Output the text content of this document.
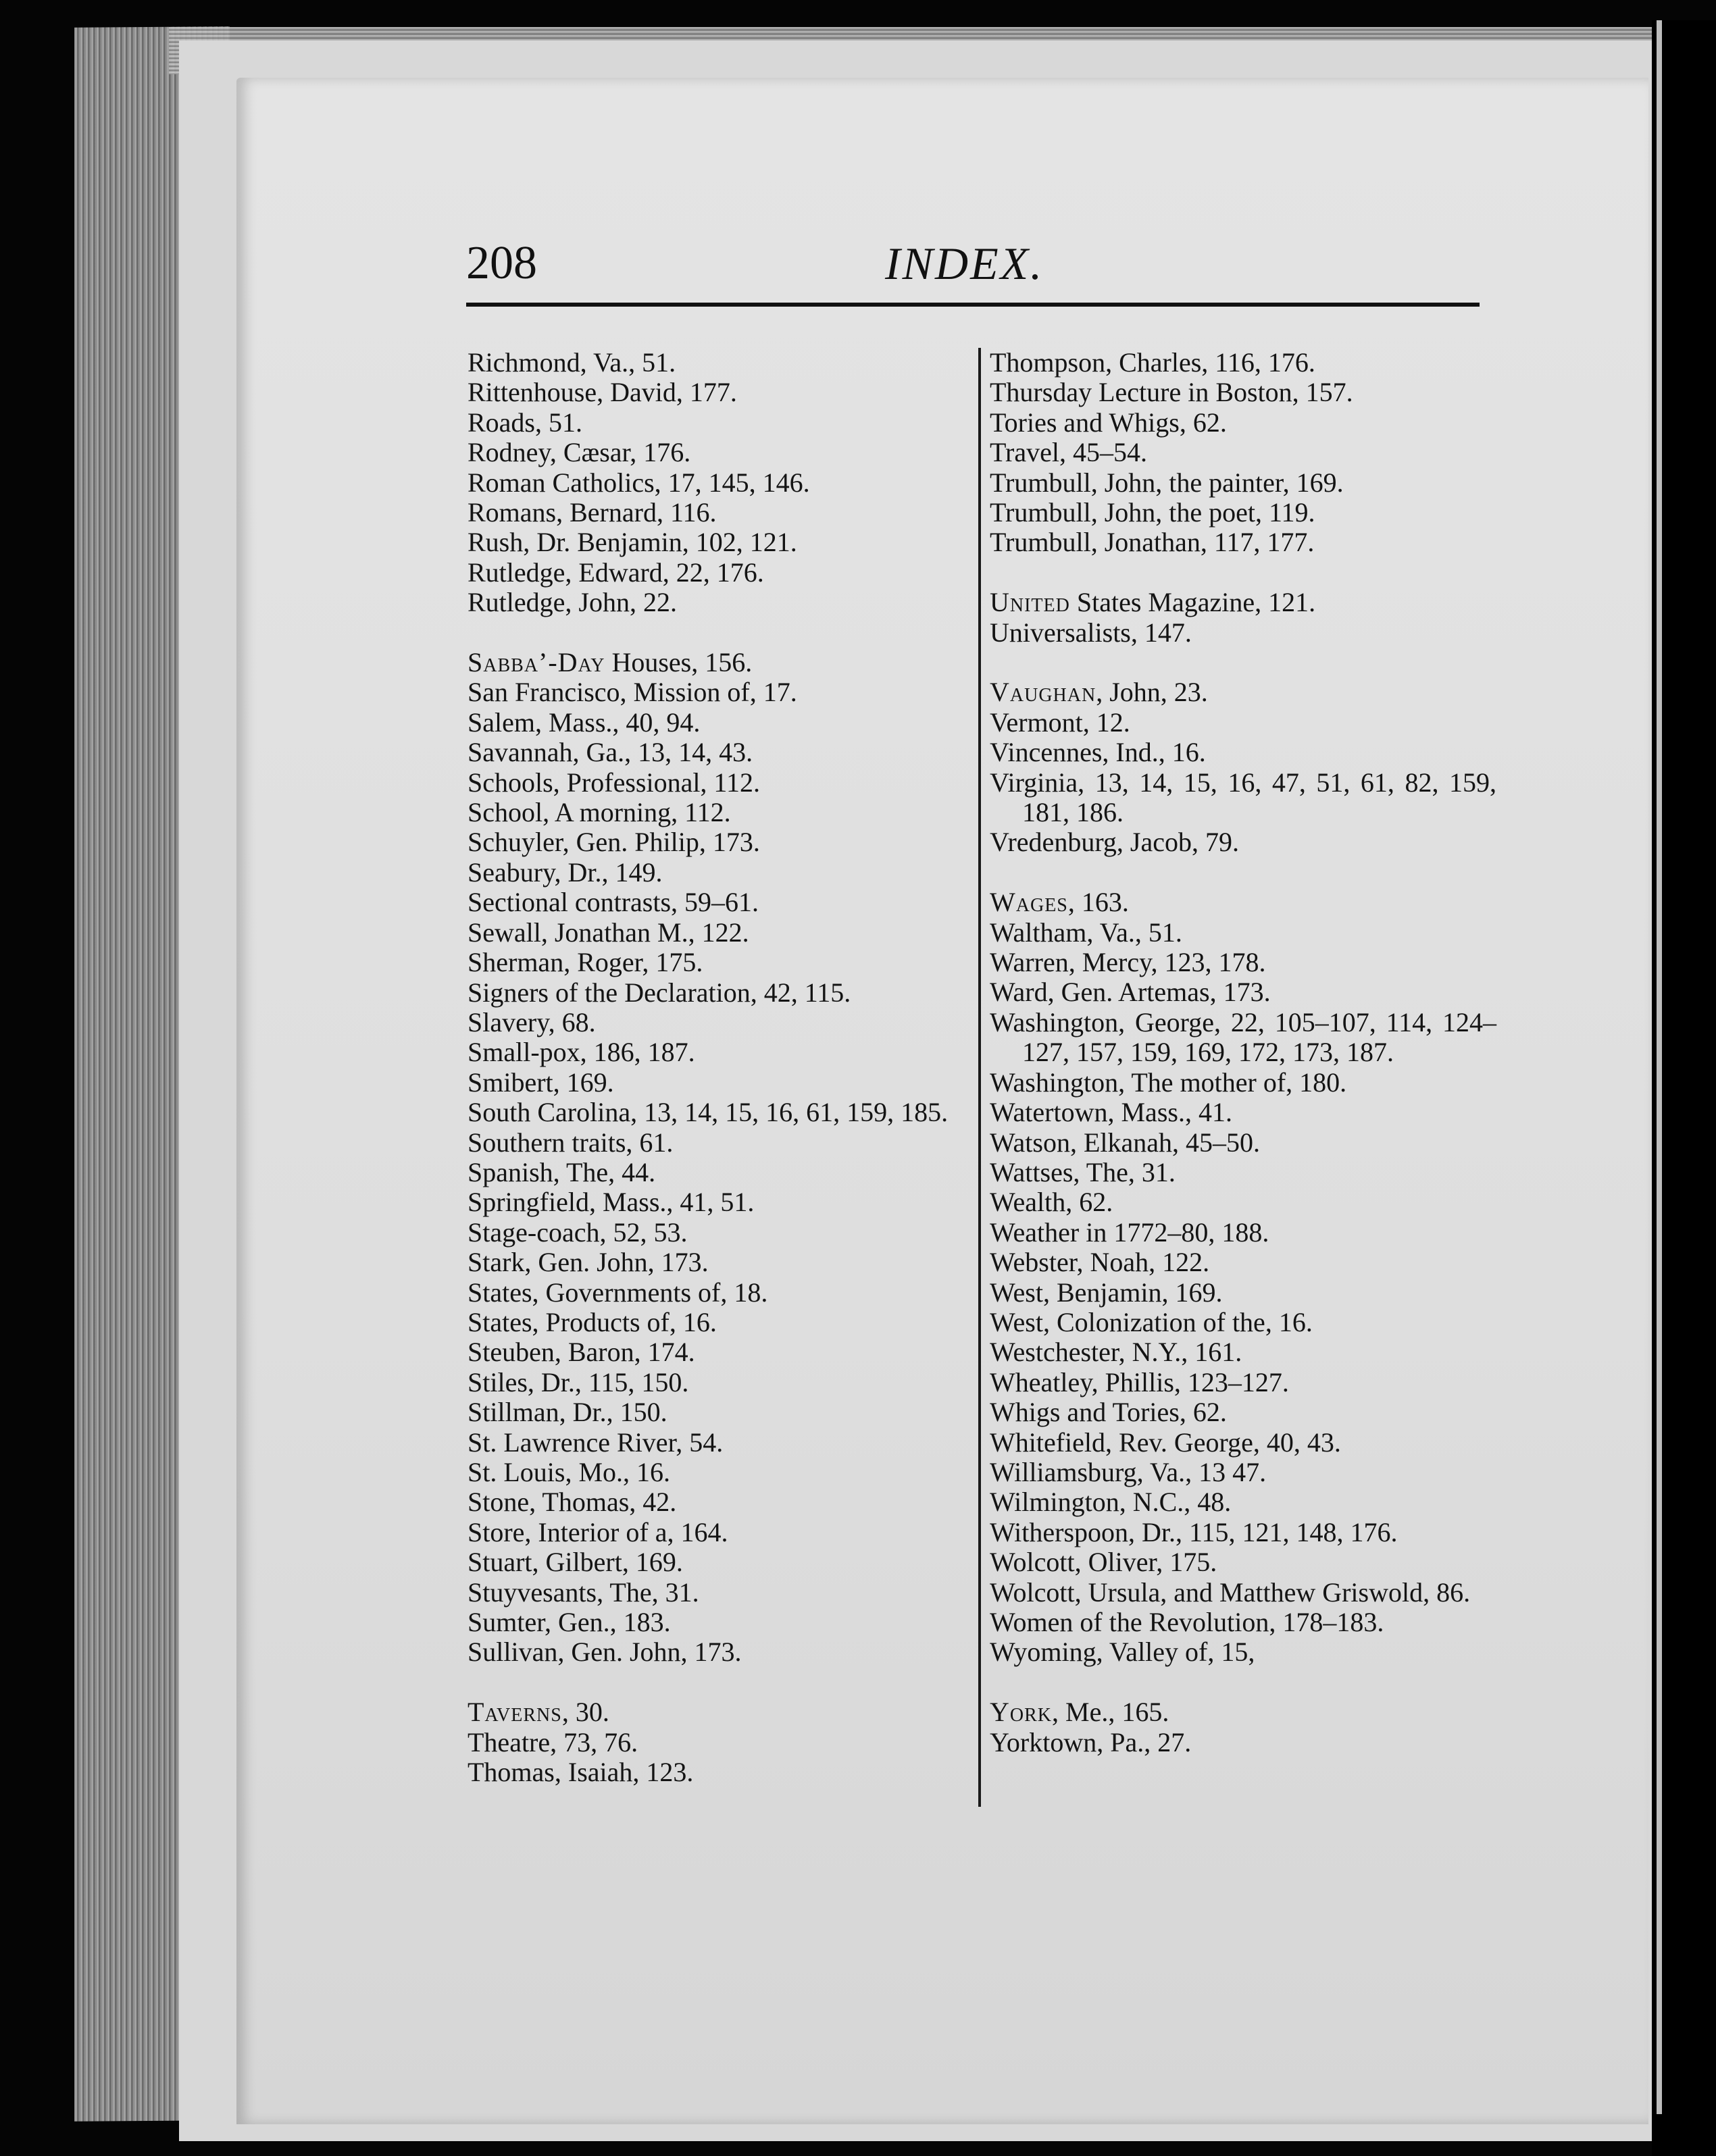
208	INDEX.
Richmond, Va., 51.
Rittenhouse, David, 177.
Roads, 51.
Rodney, Cæsar, 176.
Roman Catholics, 17, 145, 146.
Romans, Bernard, 116.
Rush, Dr. Benjamin, 102, 121.
Rutledge, Edward, 22, 176.
Rutledge, John, 22.
Sabba’-Day Houses, 156.
San Francisco, Mission of, 17.
Salem, Mass., 40, 94.
Savannah, Ga., 13, 14, 43.
Schools, Professional, 112.
School, A morning, 112.
Schuyler, Gen. Philip, 173.
Seabury, Dr., 149.
Sectional contrasts, 59–61.
Sewall, Jonathan M., 122.
Sherman, Roger, 175.
Signers of the Declaration, 42, 115.
Slavery, 68.
Small-pox, 186, 187.
Smibert, 169.
South Carolina, 13, 14, 15, 16, 61, 159, 185.
Southern traits, 61.
Spanish, The, 44.
Springfield, Mass., 41, 51.
Stage-coach, 52, 53.
Stark, Gen. John, 173.
States, Governments of, 18.
States, Products of, 16.
Steuben, Baron, 174.
Stiles, Dr., 115, 150.
Stillman, Dr., 150.
St. Lawrence River, 54.
St. Louis, Mo., 16.
Stone, Thomas, 42.
Store, Interior of a, 164.
Stuart, Gilbert, 169.
Stuyvesants, The, 31.
Sumter, Gen., 183.
Sullivan, Gen. John, 173.
Taverns, 30.
Theatre, 73, 76.
Thomas, Isaiah, 123.
Thompson, Charles, 116, 176.
Thursday Lecture in Boston, 157.
Tories and Whigs, 62.
Travel, 45–54.
Trumbull, John, the painter, 169.
Trumbull, John, the poet, 119.
Trumbull, Jonathan, 117, 177.
United States Magazine, 121.
Universalists, 147.
Vaughan, John, 23.
Vermont, 12.
Vincennes, Ind., 16.
Virginia, 13, 14, 15, 16, 47, 51, 61, 82, 159, 181, 186.
Vredenburg, Jacob, 79.
Wages, 163.
Waltham, Va., 51.
Warren, Mercy, 123, 178.
Ward, Gen. Artemas, 173.
Washington, George, 22, 105–107, 114, 124–127, 157, 159, 169, 172, 173, 187.
Washington, The mother of, 180.
Watertown, Mass., 41.
Watson, Elkanah, 45–50.
Wattses, The, 31.
Wealth, 62.
Weather in 1772–80, 188.
Webster, Noah, 122.
West, Benjamin, 169.
West, Colonization of the, 16.
Westchester, N.Y., 161.
Wheatley, Phillis, 123–127.
Whigs and Tories, 62.
Whitefield, Rev. George, 40, 43.
Williamsburg, Va., 13 47.
Wilmington, N.C., 48.
Witherspoon, Dr., 115, 121, 148, 176.
Wolcott, Oliver, 175.
Wolcott, Ursula, and Matthew Griswold, 86.
Women of the Revolution, 178–183.
Wyoming, Valley of, 15,
York, Me., 165.
Yorktown, Pa., 27.
